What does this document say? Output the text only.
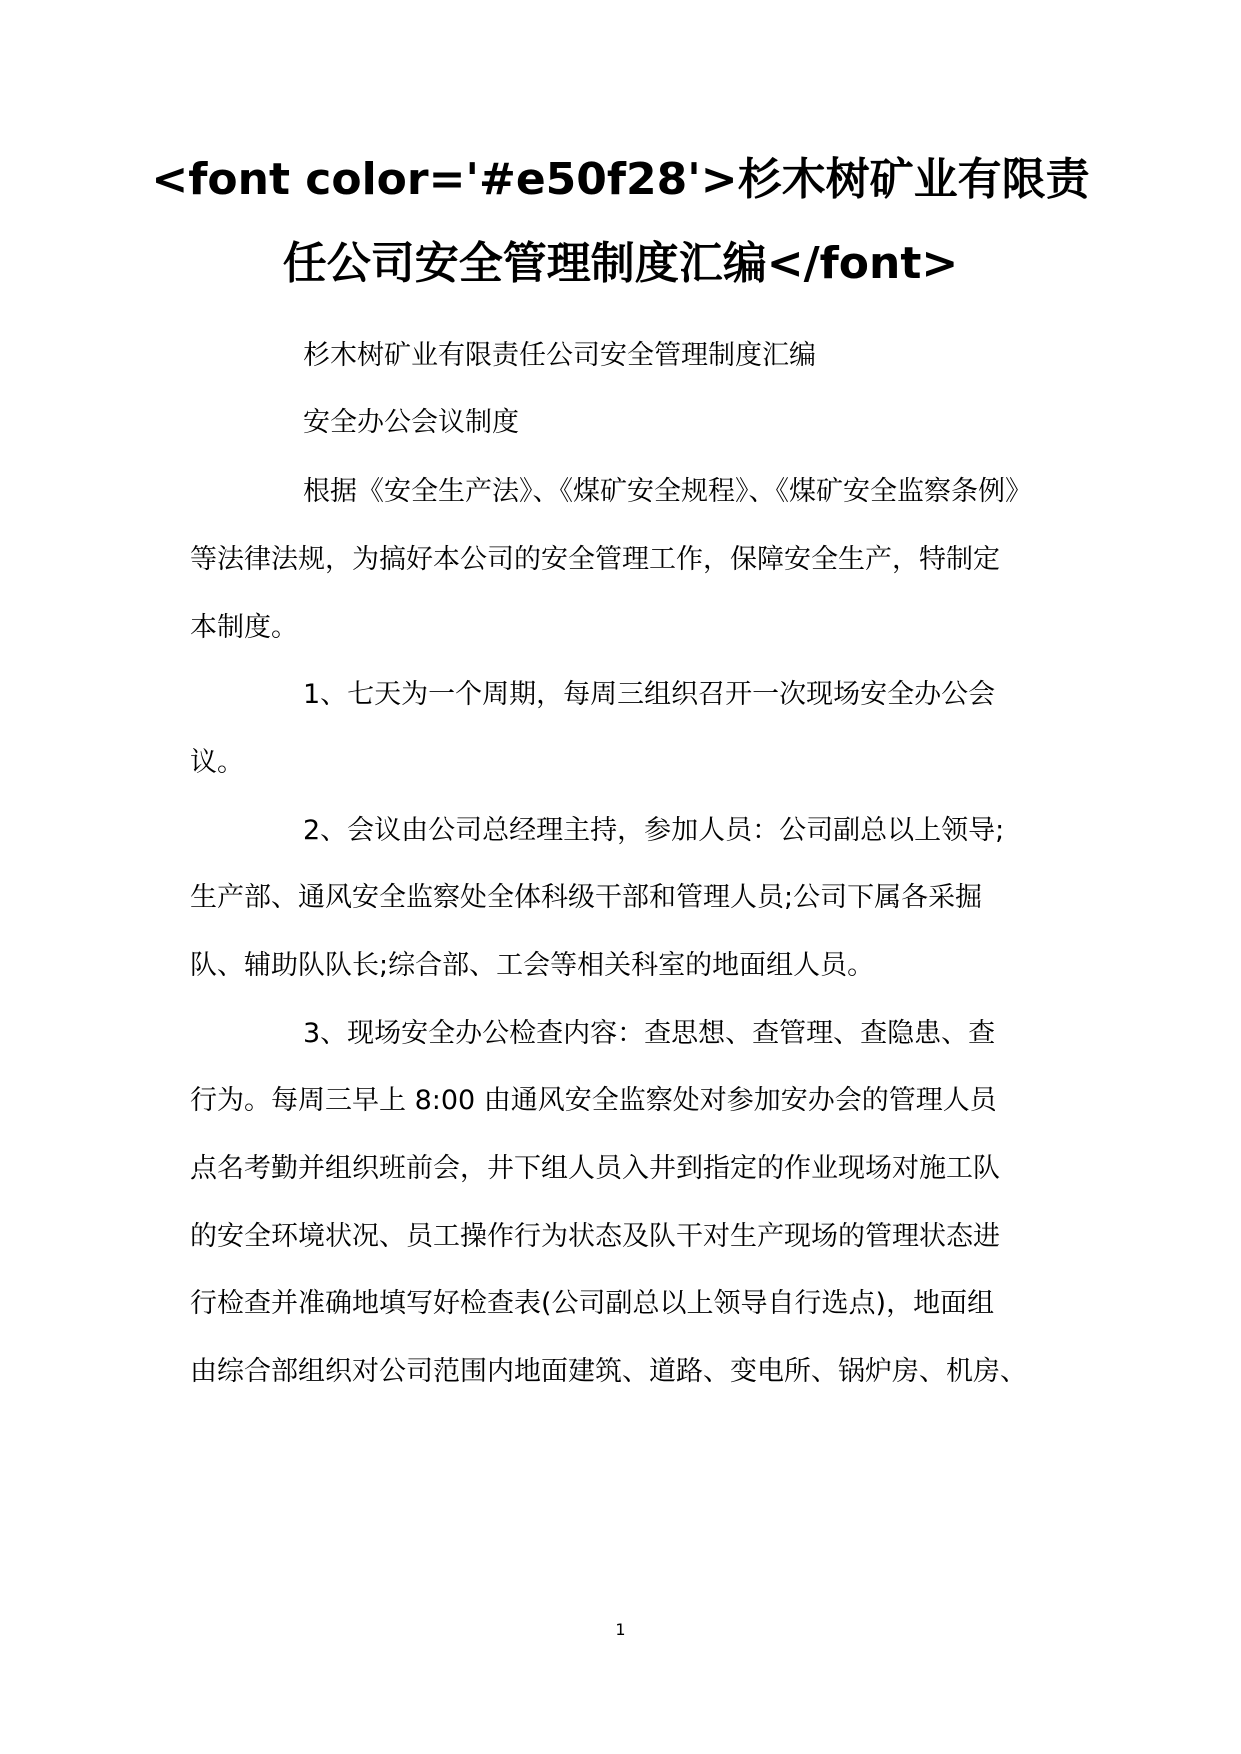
<font color='#e50f28'>杉木树矿业有限责
任公司安全管理制度汇编</font>
杉木树矿业有限责任公司安全管理制度汇编
安全办公会议制度
根据《安全生产法》、《煤矿安全规程》、《煤矿安全监察条例》
等法律法规，为搞好本公司的安全管理工作，保障安全生产，特制定
本制度。
1、七天为一个周期，每周三组织召开一次现场安全办公会
议。
2、会议由公司总经理主持，参加人员：公司副总以上领导;
生产部、通风安全监察处全体科级干部和管理人员;公司下属各采掘
队、辅助队队长;综合部、工会等相关科室的地面组人员。
3、现场安全办公检查内容：查思想、查管理、查隐患、查
行为。每周三早上 8:00 由通风安全监察处对参加安办会的管理人员
点名考勤并组织班前会，井下组人员入井到指定的作业现场对施工队
的安全环境状况、员工操作行为状态及队干对生产现场的管理状态进
行检查并准确地填写好检查表(公司副总以上领导自行选点)，地面组
由综合部组织对公司范围内地面建筑、道路、变电所、锅炉房、机房、
1
